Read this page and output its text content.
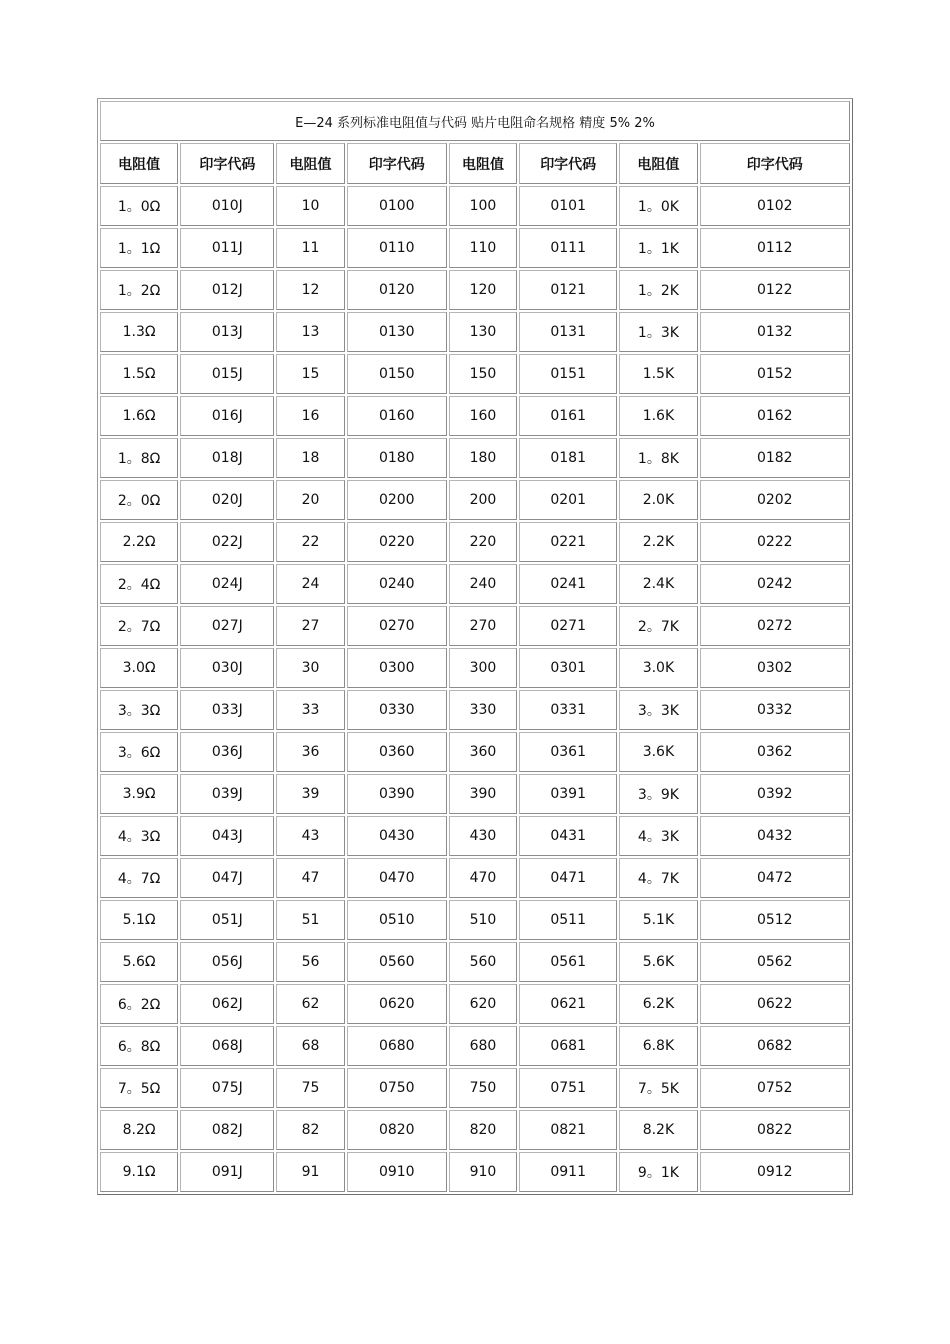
E—24 系列标准电阻值与代码 贴片电阻命名规格 精度 5% 2%							
电阻值	印字代码	电阻值	印字代码	电阻值	印字代码	电阻值	印字代码
1。0Ω	010J	10	0100	100	0101	1。0K	0102
1。1Ω	011J	11	0110	110	0111	1。1K	0112
1。2Ω	012J	12	0120	120	0121	1。2K	0122
1.3Ω	013J	13	0130	130	0131	1。3K	0132
1.5Ω	015J	15	0150	150	0151	1.5K	0152
1.6Ω	016J	16	0160	160	0161	1.6K	0162
1。8Ω	018J	18	0180	180	0181	1。8K	0182
2。0Ω	020J	20	0200	200	0201	2.0K	0202
2.2Ω	022J	22	0220	220	0221	2.2K	0222
2。4Ω	024J	24	0240	240	0241	2.4K	0242
2。7Ω	027J	27	0270	270	0271	2。7K	0272
3.0Ω	030J	30	0300	300	0301	3.0K	0302
3。3Ω	033J	33	0330	330	0331	3。3K	0332
3。6Ω	036J	36	0360	360	0361	3.6K	0362
3.9Ω	039J	39	0390	390	0391	3。9K	0392
4。3Ω	043J	43	0430	430	0431	4。3K	0432
4。7Ω	047J	47	0470	470	0471	4。7K	0472
5.1Ω	051J	51	0510	510	0511	5.1K	0512
5.6Ω	056J	56	0560	560	0561	5.6K	0562
6。2Ω	062J	62	0620	620	0621	6.2K	0622
6。8Ω	068J	68	0680	680	0681	6.8K	0682
7。5Ω	075J	75	0750	750	0751	7。5K	0752
8.2Ω	082J	82	0820	820	0821	8.2K	0822
9.1Ω	091J	91	0910	910	0911	9。1K	0912
